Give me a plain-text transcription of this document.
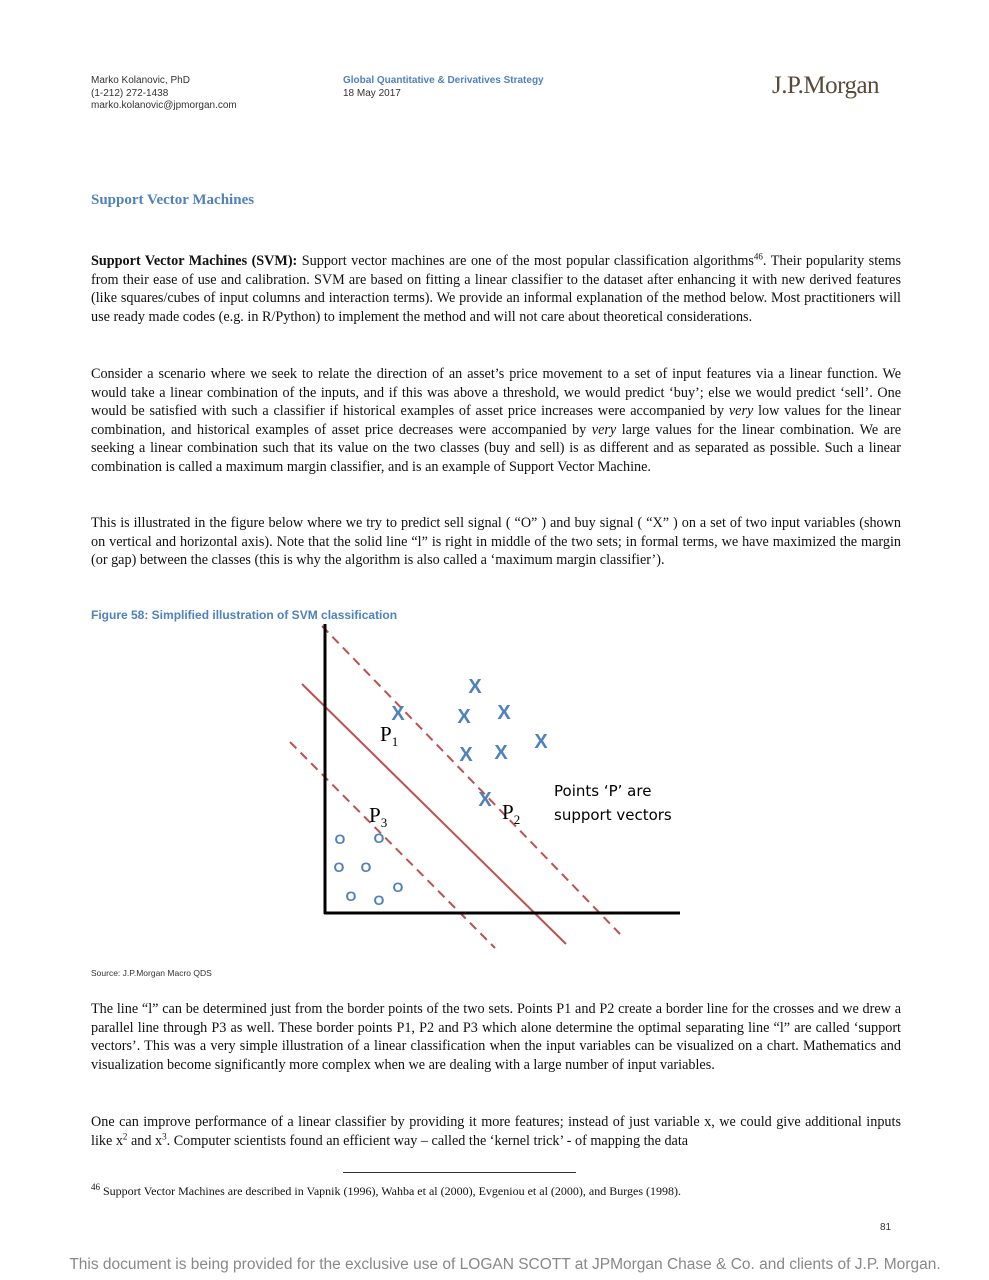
Marko Kolanovic, PhD
(1-212) 272-1438
marko.kolanovic@jpmorgan.com
Global Quantitative & Derivatives Strategy
18 May 2017	J.P.Morgan
Support Vector Machines
Support Vector Machines (SVM): Support vector machines are one of the most popular classification algorithms$^{46}$. Their popularity stems from their ease of use and calibration. SVM are based on fitting a linear classifier to the dataset after enhancing it with new derived features (like squares/cubes of input columns and interaction terms). We provide an informal explanation of the method below. Most practitioners will use ready made codes (e.g. in R/Python) to implement the method and will not care about theoretical considerations.
Consider a scenario where we seek to relate the direction of an asset’s price movement to a set of input features via a linear function. We would take a linear combination of the inputs, and if this was above a threshold, we would predict ‘buy’; else we would predict ‘sell’. One would be satisfied with such a classifier if historical examples of asset price increases were accompanied by very low values for the linear combination, and historical examples of asset price decreases were accompanied by very large values for the linear combination. We are seeking a linear combination such that its value on the two classes (buy and sell) is as different and as separated as possible. Such a linear combination is called a maximum margin classifier, and is an example of Support Vector Machine.
This is illustrated in the figure below where we try to predict sell signal ( “O” ) and buy signal ( “X” ) on a set of two input variables (shown on vertical and horizontal axis). Note that the solid line “l” is right in middle of the two sets; in formal terms, we have maximized the margin (or gap) between the classes (this is why the algorithm is also called a ‘maximum margin classifier’).
Figure 58: Simplified illustration of SVM classification
X
X	X X
X X X
X
O O
O O
O O
O
$P_1$
$P_2$
$P_3$
Points ‘P’ are
support vectors
Source: J.P.Morgan Macro QDS
The line “l” can be determined just from the border points of the two sets. Points P1 and P2 create a border line for the crosses and we drew a parallel line through P3 as well. These border points P1, P2 and P3 which alone determine the optimal separating line “l” are called ‘support vectors’. This was a very simple illustration of a linear classification when the input variables can be visualized on a chart. Mathematics and visualization become significantly more complex when we are dealing with a large number of input variables.
One can improve performance of a linear classifier by providing it more features; instead of just variable x, we could give additional inputs like $x^2$ and $x^3$. Computer scientists found an efficient way – called the ‘kernel trick’ - of mapping the data
$^{46}$ Support Vector Machines are described in Vapnik (1996), Wahba et al (2000), Evgeniou et al (2000), and Burges (1998).
81
This document is being provided for the exclusive use of LOGAN SCOTT at JPMorgan Chase & Co. and clients of J.P. Morgan.
